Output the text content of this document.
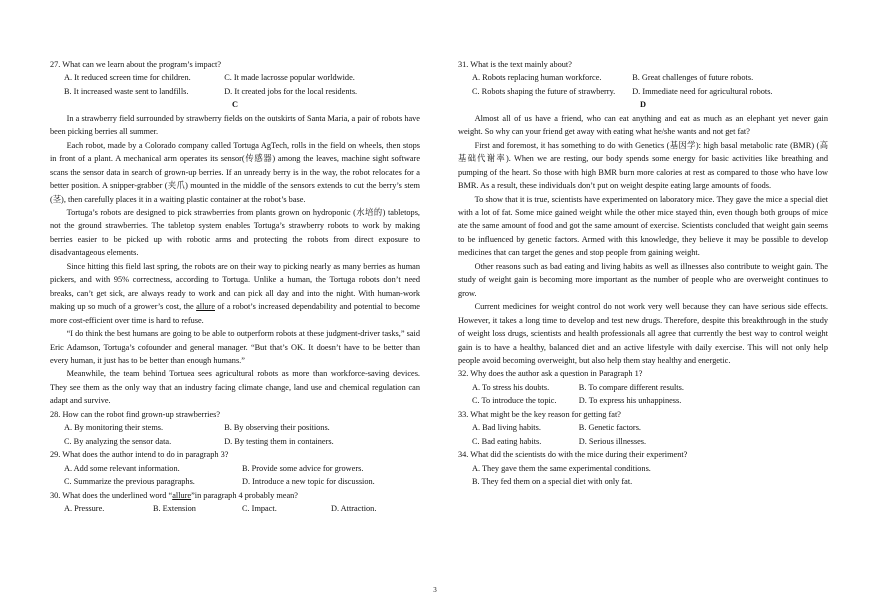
27. What can we learn about the program’s impact?

A. It reduced screen time for children.	C. It made lacrosse popular worldwide.
B. It increased waste sent to landfills.	D. It created jobs for the local residents.

C

In a strawberry field surrounded by strawberry fields on the outskirts of Santa Maria, a pair of robots have been picking berries all summer.

Each robot, made by a Colorado company called Tortuga AgTech, rolls in the field on wheels, then stops in front of a plant. A mechanical arm operates its sensor(传感器) among the leaves, machine sight software scans the sensor data in search of grown-up berries. If an unready berry is in the way, the robot relocates for a better position. A snipper-grabber (夹爪) mounted in the middle of the sensors extends to cut the berry’s stem (茎), then carefully places it in a waiting plastic container at the robot’s base.

Tortuga’s robots are designed to pick strawberries from plants grown on hydroponic (水培的) tabletops, not the ground strawberries. The tabletop system enables Tortuga’s strawberry robots to work by making berries easier to be picked up with robotic arms and protecting the robots from direct exposure to disadvantageous elements.

Since hitting this field last spring, the robots are on their way to picking nearly as many berries as human pickers, and with 95% correctness, according to Tortuga. Unlike a human, the Tortuga robots don’t need breaks, can’t get sick, are always ready to work and can pick all day and into the night. With human-work making up so much of a grower’s cost, the allure of a robot’s increased dependability and potential to become more cost-efficient over time is hard to refuse.

“I do think the best humans are going to be able to outperform robots at these judgment-driver tasks,” said Eric Adamson, Tortuga’s cofounder and general manager. “But that’s OK. It doesn’t have to be better than every human, it just has to be better than enough humans.”

Meanwhile, the team behind Tortuea sees agricultural robots as more than workforce-saving devices. They see them as the only way that an industry facing climate change, land use and chemical regulation can adapt and survive.

28. How can the robot find grown-up strawberries?

A. By monitoring their stems.	B. By observing their positions.
C. By analyzing the sensor data.	D. By testing them in containers.

29. What does the author intend to do in paragraph 3?

A. Add some relevant information.	B. Provide some advice for growers.
C. Summarize the previous paragraphs.	D. Introduce a new topic for discussion.

30. What does the underlined word “allure”in paragraph 4 probably mean?

A. Pressure.	B. Extension	C. Impact.	D. Attraction.

31. What is the text mainly about?

A. Robots replacing human workforce.	B. Great challenges of future robots.
C. Robots shaping the future of strawberry.	D. Immediate need for agricultural robots.

D

Almost all of us have a friend, who can eat anything and eat as much as an elephant yet never gain weight. So why can your friend get away with eating what he/she wants and not get fat?

First and foremost, it has something to do with Genetics (基因学): high basal metabolic rate (BMR) (高基础代谢率). When we are resting, our body spends some energy for basic activities like breathing and pumping of the heart. So those with high BMR burn more calories at rest as compared to those who have low BMR. As a result, these individuals don’t put on weight despite eating large amounts of foods.

To show that it is true, scientists have experimented on laboratory mice. They gave the mice a special diet with a lot of fat. Some mice gained weight while the other mice stayed thin, even though both groups of mice ate the same amount of food and got the same amount of exercise. Scientists concluded that weight gain seems to be influenced by genetic factors. Armed with this knowledge, they believe it may be possible to develop medicines that can target the genes and stop people from gaining weight.

Other reasons such as bad eating and living habits as well as illnesses also contribute to weight gain. The study of weight gain is becoming more important as the number of people who are overweight continues to grow.

Current medicines for weight control do not work very well because they can have serious side effects. However, it takes a long time to develop and test new drugs. Therefore, despite this breakthrough in the study of weight loss drugs, scientists and health professionals all agree that currently the best way to control weight gain is to have a healthy, balanced diet and an active lifestyle with daily exercise. This will not only help people avoid becoming overweight, but also help them stay healthy and energetic.

32. Why does the author ask a question in Paragraph 1?

A. To stress his doubts.	B. To compare different results.
C. To introduce the topic.	D. To express his unhappiness.

33. What might be the key reason for getting fat?

A. Bad living habits.	B. Genetic factors.
C. Bad eating habits.	D. Serious illnesses.

34. What did the scientists do with the mice during their experiment?

A. They gave them the same experimental conditions.
B. They fed them on a special diet with only fat.
3
